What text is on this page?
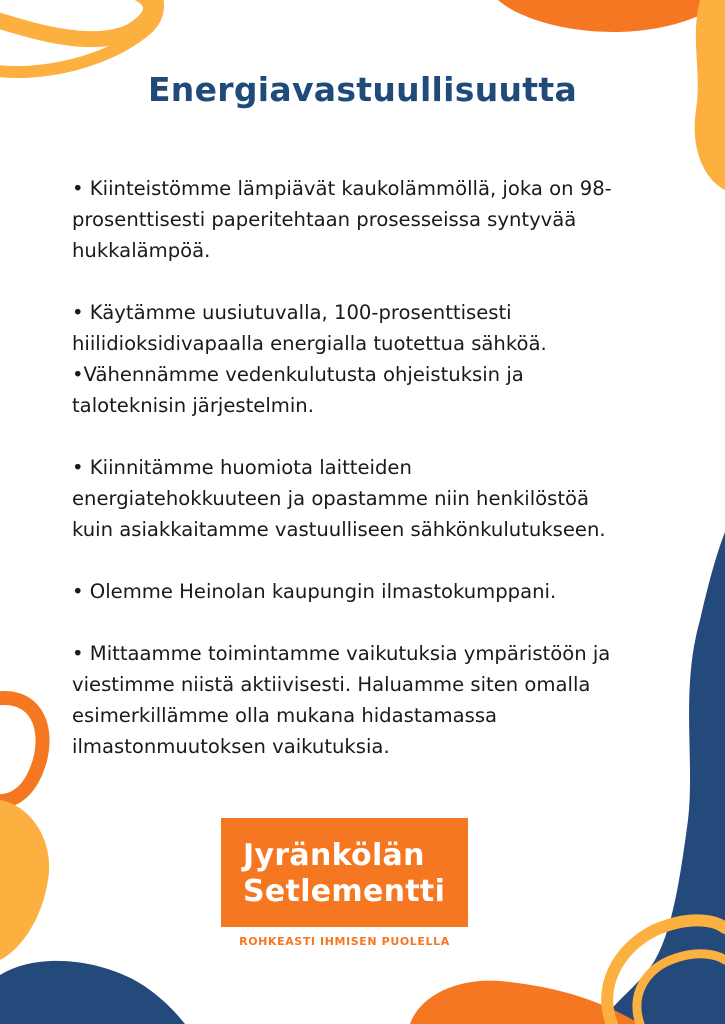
Energiavastuullisuutta

• Kiinteistömme lämpiävät kaukolämmöllä, joka on 98-
prosenttisesti paperitehtaan prosesseissa syntyvää
hukkalämpöä.

• Käytämme uusiutuvalla, 100-prosenttisesti
hiilidioksidivapaalla energialla tuotettua sähköä.
•Vähennämme vedenkulutusta ohjeistuksin ja
taloteknisin järjestelmin.

• Kiinnitämme huomiota laitteiden
energiatehokkuuteen ja opastamme niin henkilöstöä
kuin asiakkaitamme vastuulliseen sähkönkulutukseen.

• Olemme Heinolan kaupungin ilmastokumppani.

• Mittaamme toimintamme vaikutuksia ympäristöön ja
viestimme niistä aktiivisesti. Haluamme siten omalla
esimerkillämme olla mukana hidastamassa
ilmastonmuutoksen vaikutuksia.

Jyränkölän
Setlementti
ROHKEASTI IHMISEN PUOLELLA
